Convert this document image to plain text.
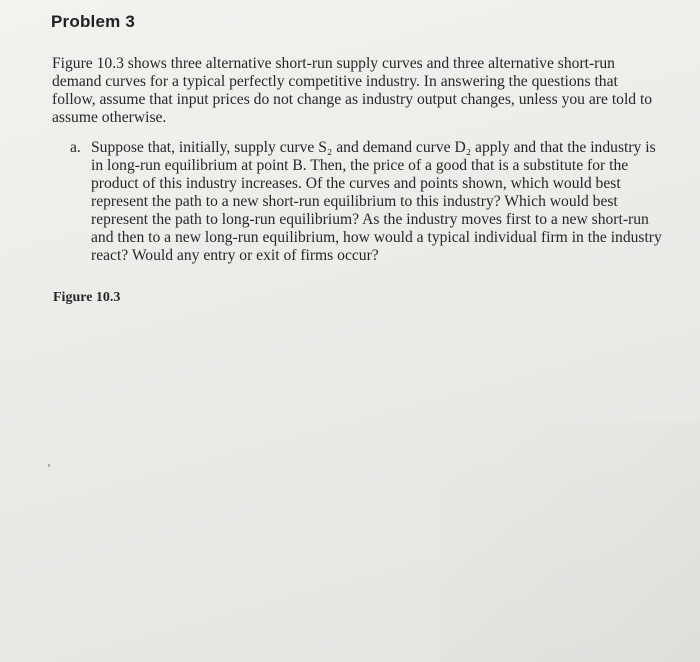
Problem 3

Figure 10.3 shows three alternative short-run supply curves and three alternative short-run demand curves for a typical perfectly competitive industry. In answering the questions that follow, assume that input prices do not change as industry output changes, unless you are told to assume otherwise.

a. Suppose that, initially, supply curve S₂ and demand curve D₂ apply and that the industry is in long-run equilibrium at point B. Then, the price of a good that is a substitute for the product of this industry increases. Of the curves and points shown, which would best represent the path to a new short-run equilibrium to this industry? Which would best represent the path to long-run equilibrium? As the industry moves first to a new short-run and then to a new long-run equilibrium, how would a typical individual firm in the industry react? Would any entry or exit of firms occur?

Figure 10.3
